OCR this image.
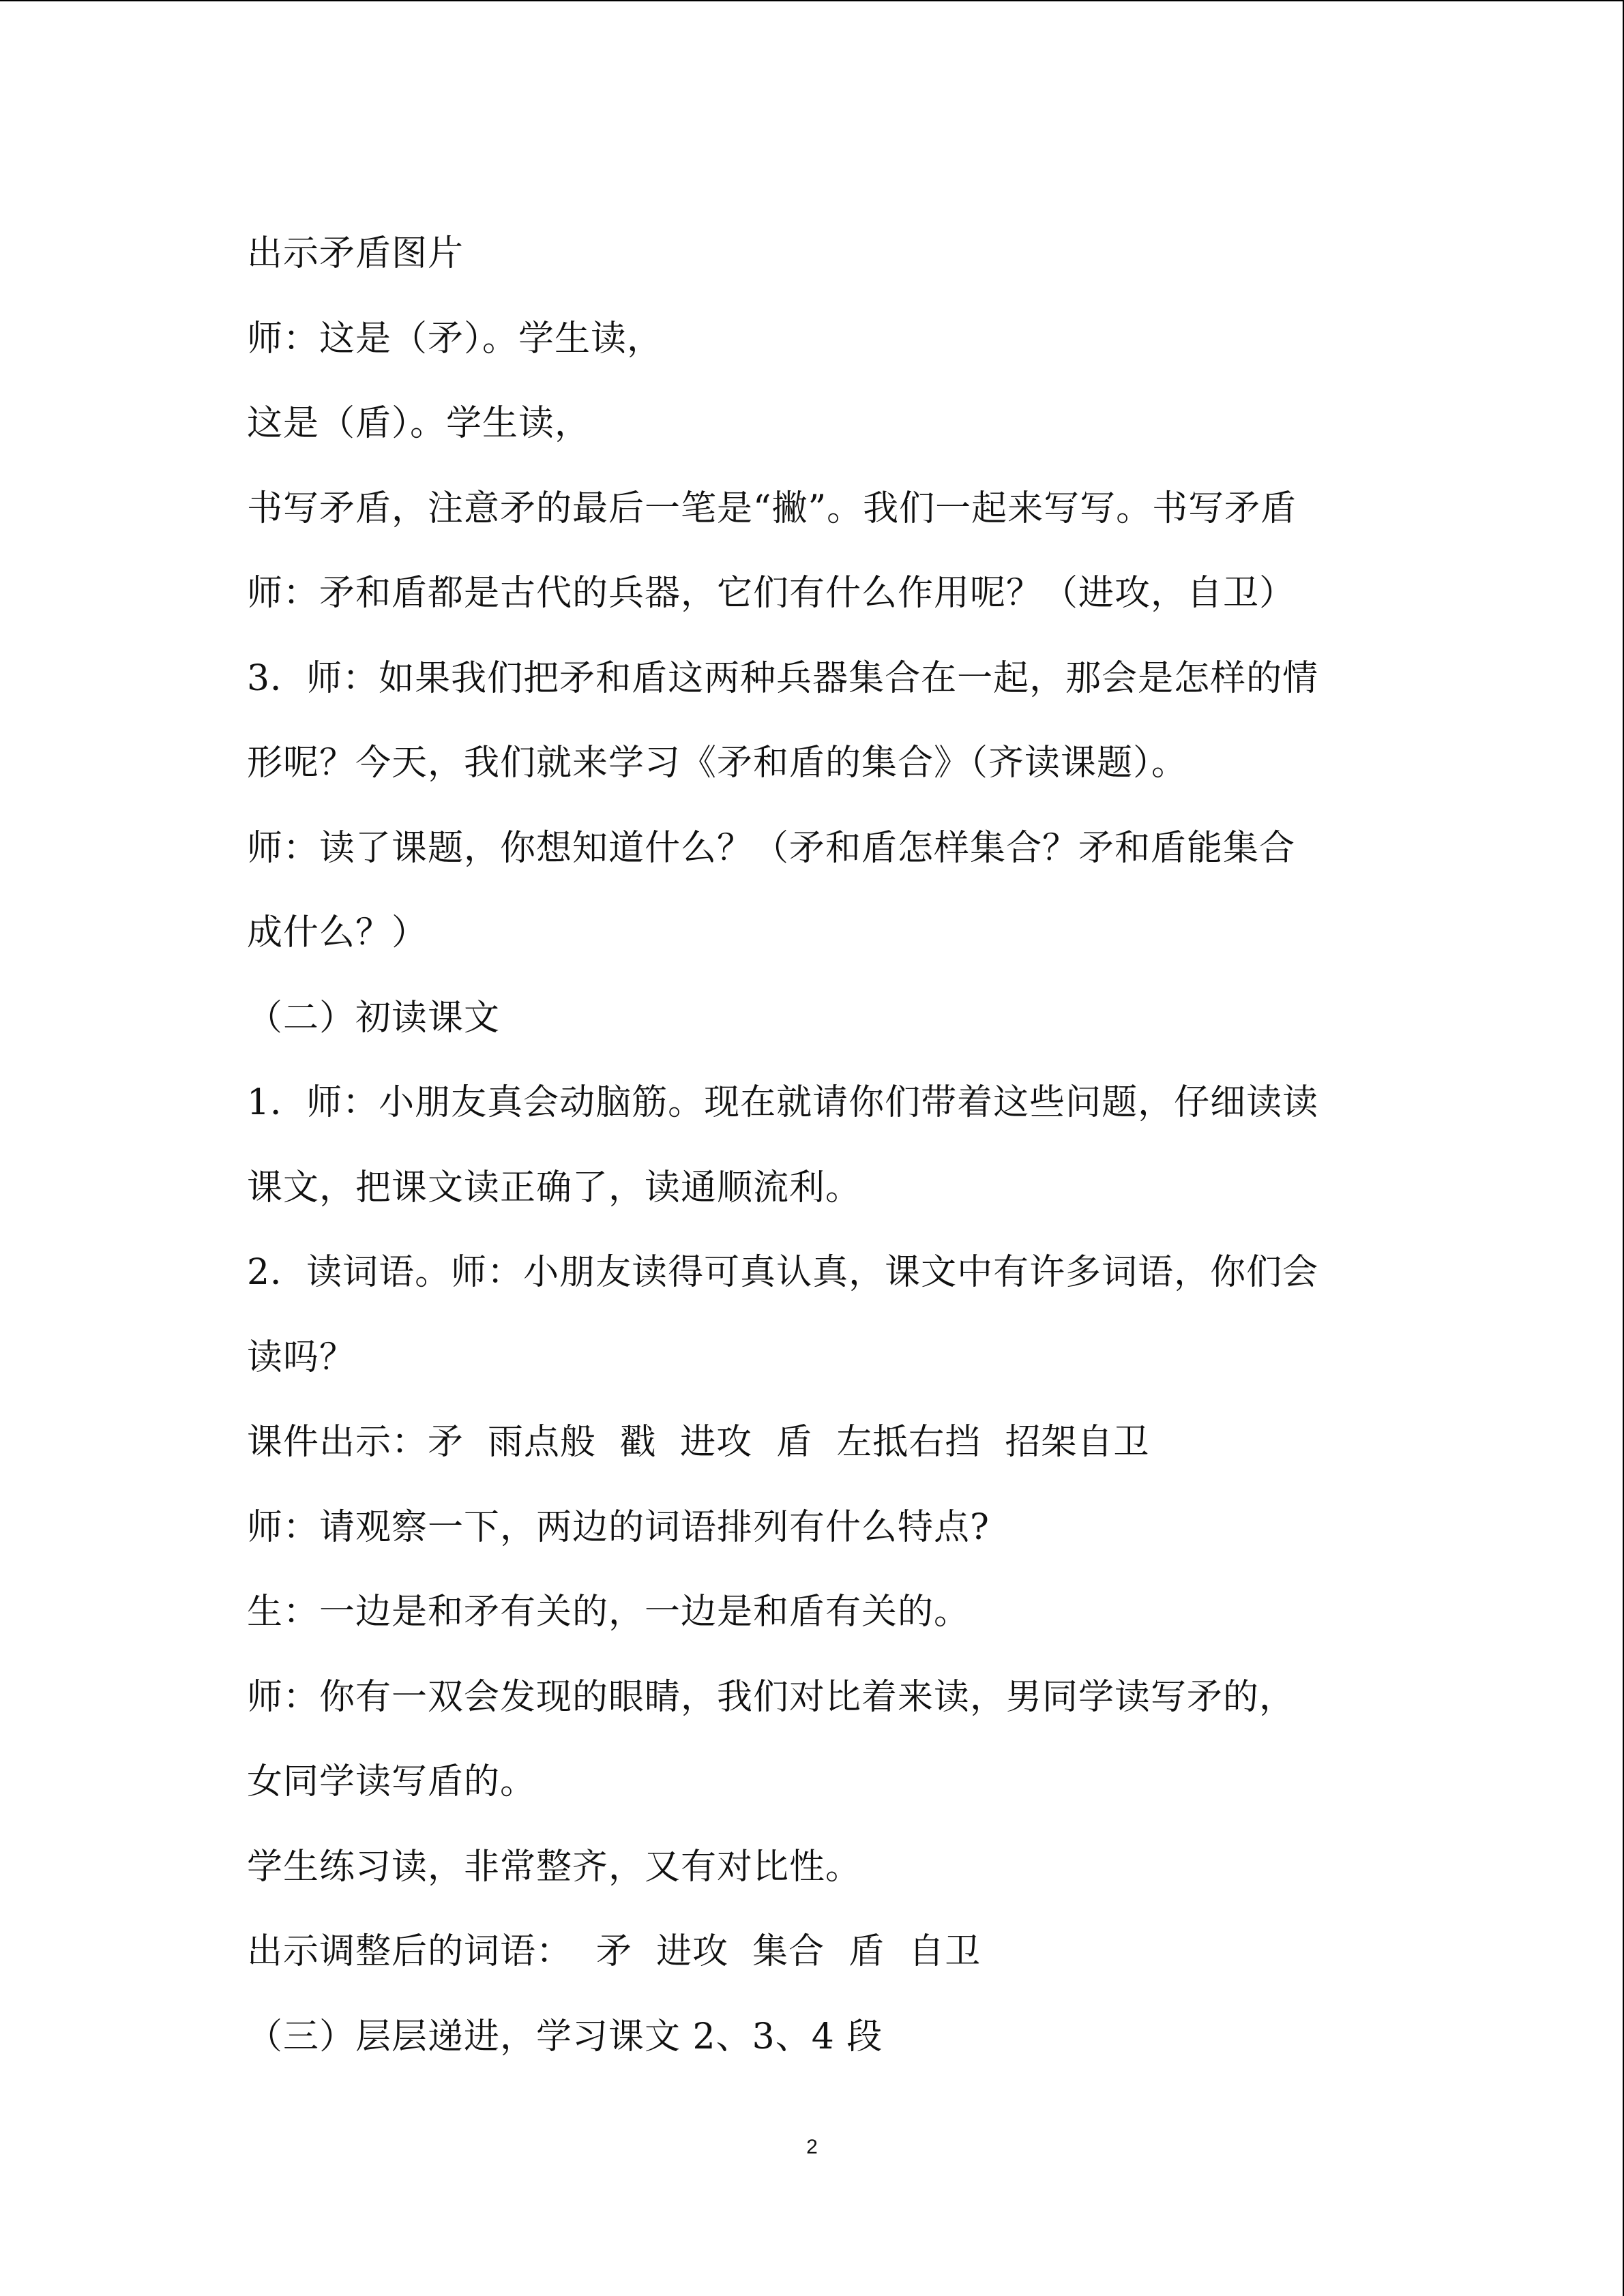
出示矛盾图片
师：这是（矛）。学生读，
这是（盾）。学生读，
书写矛盾，注意矛的最后一笔是“撇”。我们一起来写写。书写矛盾
师：矛和盾都是古代的兵器，它们有什么作用呢？（进攻，自卫）
3．师：如果我们把矛和盾这两种兵器集合在一起，那会是怎样的情
形呢？今天，我们就来学习《矛和盾的集合》（齐读课题）。
师：读了课题，你想知道什么？（矛和盾怎样集合？矛和盾能集合
成什么？）
（二）初读课文
1．师：小朋友真会动脑筋。现在就请你们带着这些问题，仔细读读
课文，把课文读正确了，读通顺流利。
2．读词语。师：小朋友读得可真认真，课文中有许多词语，你们会
读吗？
课件出示：矛  雨点般  戳  进攻  盾  左抵右挡  招架自卫
师：请观察一下，两边的词语排列有什么特点?
生：一边是和矛有关的，一边是和盾有关的。
师：你有一双会发现的眼睛，我们对比着来读，男同学读写矛的，
女同学读写盾的。
学生练习读，非常整齐，又有对比性。
出示调整后的词语：  矛  进攻  集合  盾  自卫
（三）层层递进，学习课文 2、3、4 段
2
